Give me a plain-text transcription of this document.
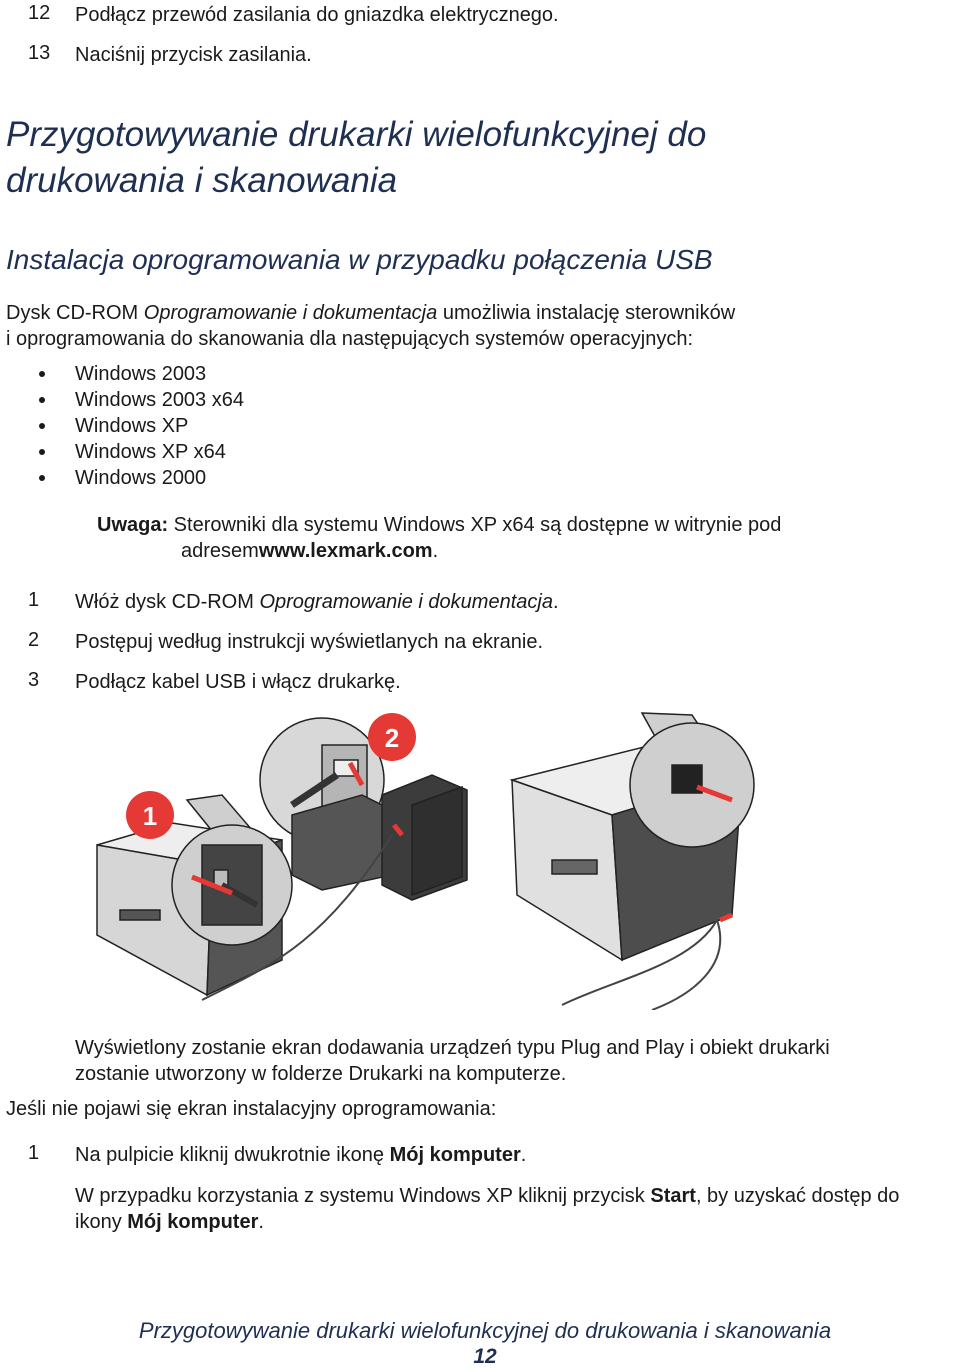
12	Podłącz przewód zasilania do gniazdka elektrycznego.
13	Naciśnij przycisk zasilania.
Przygotowywanie drukarki wielofunkcyjnej do
drukowania i skanowania
Instalacja oprogramowania w przypadku połączenia USB
Dysk CD-ROM Oprogramowanie i dokumentacja umożliwia instalację sterowników
i oprogramowania do skanowania dla następujących systemów operacyjnych:
Windows 2003
Windows 2003 x64
Windows XP
Windows XP x64
Windows 2000
Uwaga: Sterowniki dla systemu Windows XP x64 są dostępne w witrynie pod
adresemwww.lexmark.com.
1	Włóż dysk CD-ROM Oprogramowanie i dokumentacja.
2	Postępuj według instrukcji wyświetlanych na ekranie.
3	Podłącz kabel USB i włącz drukarkę.
1
2
Wyświetlony zostanie ekran dodawania urządzeń typu Plug and Play i obiekt drukarki
zostanie utworzony w folderze Drukarki na komputerze.
Jeśli nie pojawi się ekran instalacyjny oprogramowania:
1	Na pulpicie kliknij dwukrotnie ikonę Mój komputer.
W przypadku korzystania z systemu Windows XP kliknij przycisk Start, by uzyskać dostęp do
ikony Mój komputer.
Przygotowywanie drukarki wielofunkcyjnej do drukowania i skanowania
12
